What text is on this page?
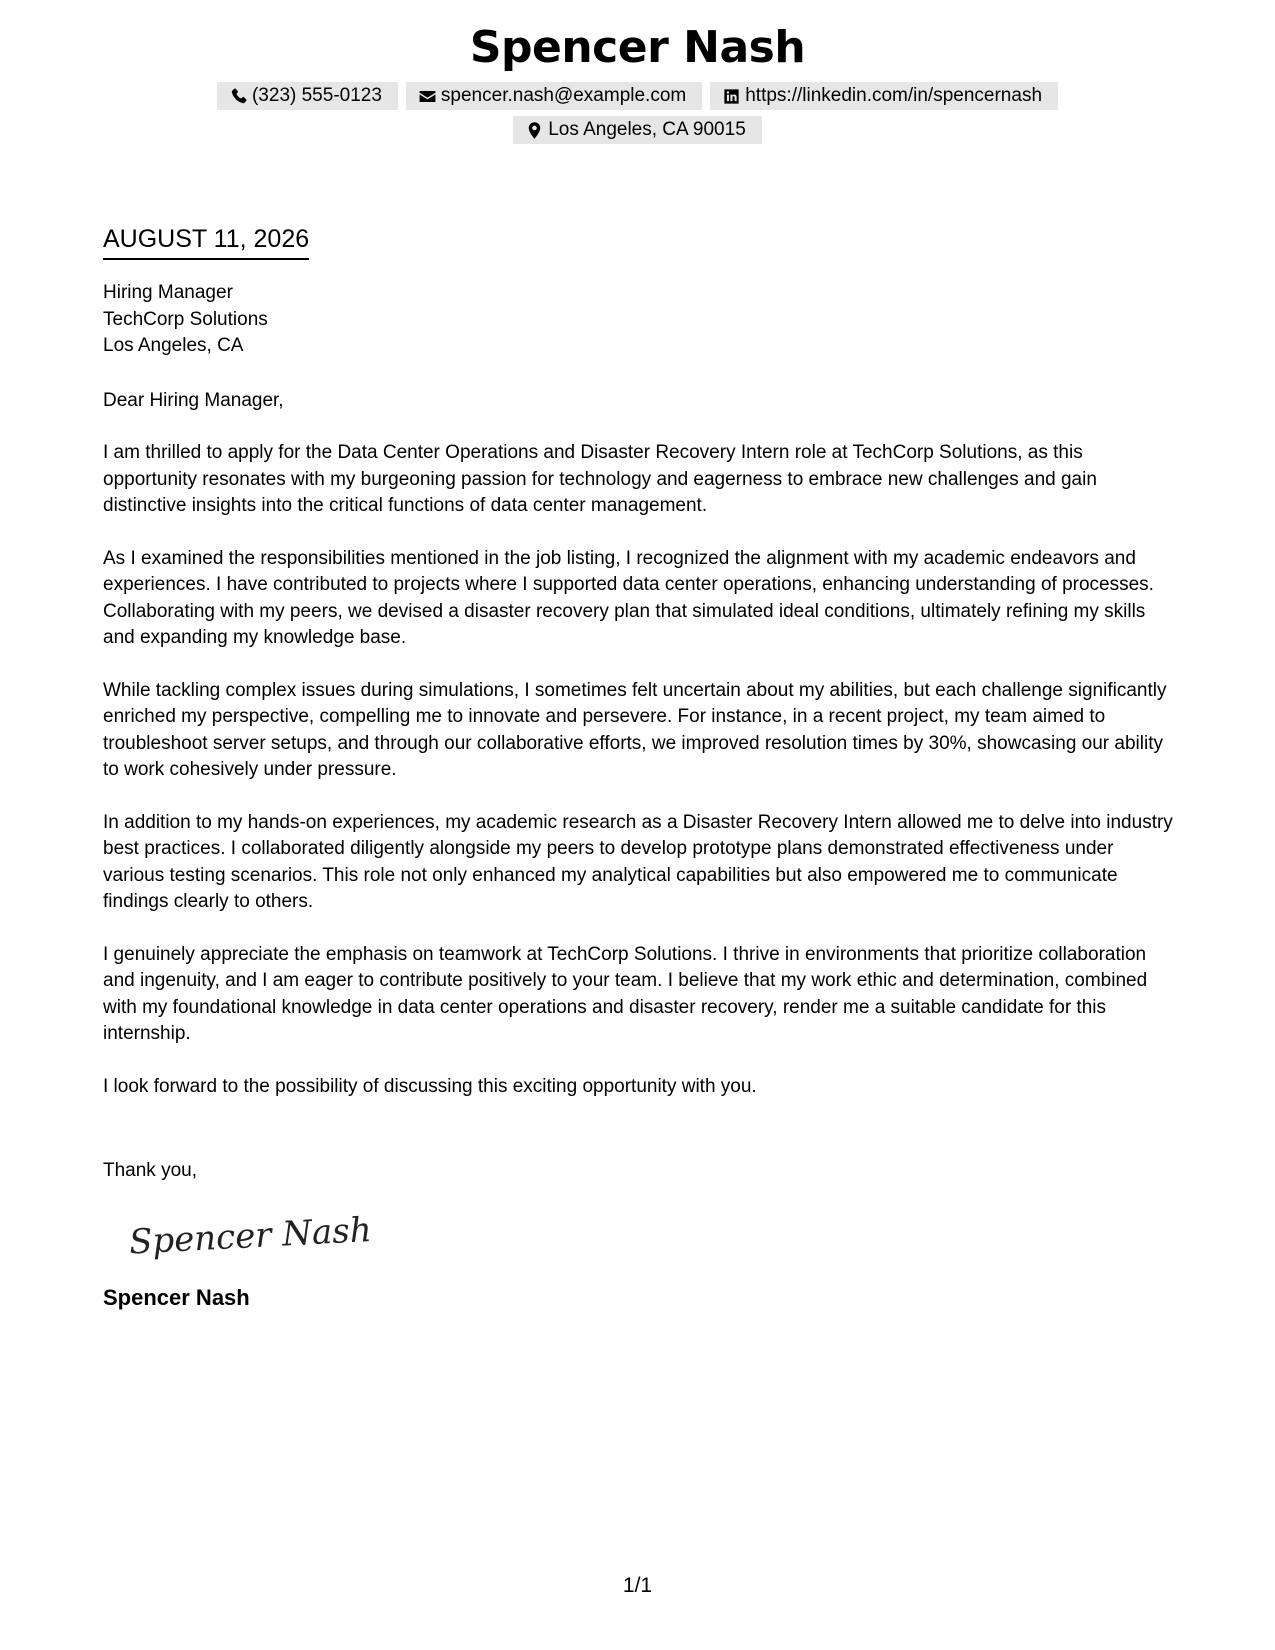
Spencer Nash
(323) 555-0123	spencer.nash@example.com	https://linkedin.com/in/spencernash
Los Angeles, CA 90015
AUGUST 11, 2026
Hiring Manager
TechCorp Solutions
Los Angeles, CA

Dear Hiring Manager,

I am thrilled to apply for the Data Center Operations and Disaster Recovery Intern role at TechCorp Solutions, as this opportunity resonates with my burgeoning passion for technology and eagerness to embrace new challenges and gain distinctive insights into the critical functions of data center management.

As I examined the responsibilities mentioned in the job listing, I recognized the alignment with my academic endeavors and experiences. I have contributed to projects where I supported data center operations, enhancing understanding of processes. Collaborating with my peers, we devised a disaster recovery plan that simulated ideal conditions, ultimately refining my skills and expanding my knowledge base.

While tackling complex issues during simulations, I sometimes felt uncertain about my abilities, but each challenge significantly enriched my perspective, compelling me to innovate and persevere. For instance, in a recent project, my team aimed to troubleshoot server setups, and through our collaborative efforts, we improved resolution times by 30%, showcasing our ability to work cohesively under pressure.

In addition to my hands-on experiences, my academic research as a Disaster Recovery Intern allowed me to delve into industry best practices. I collaborated diligently alongside my peers to develop prototype plans demonstrated effectiveness under various testing scenarios. This role not only enhanced my analytical capabilities but also empowered me to communicate findings clearly to others.

I genuinely appreciate the emphasis on teamwork at TechCorp Solutions. I thrive in environments that prioritize collaboration and ingenuity, and I am eager to contribute positively to your team. I believe that my work ethic and determination, combined with my foundational knowledge in data center operations and disaster recovery, render me a suitable candidate for this internship.

I look forward to the possibility of discussing this exciting opportunity with you.

Thank you,
Spencer Nash
Spencer Nash
1/1
